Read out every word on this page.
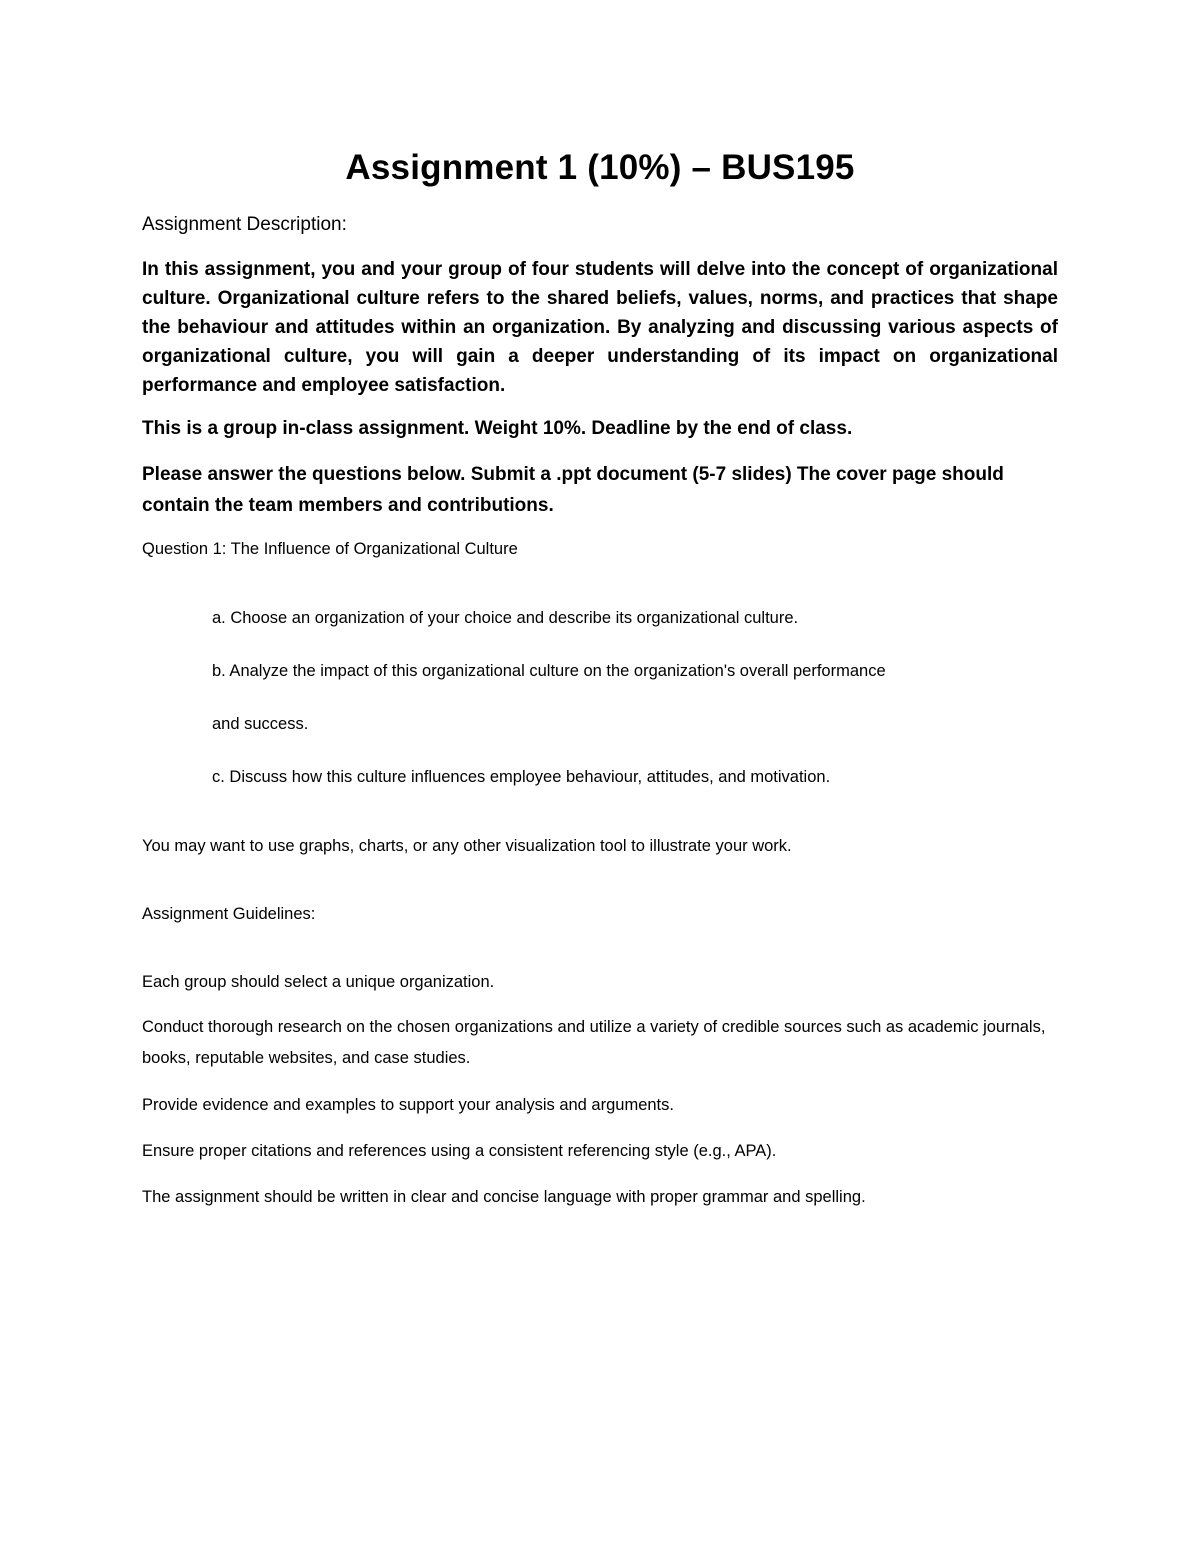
Assignment 1 (10%) – BUS195
Assignment Description:

In this assignment, you and your group of four students will delve into the concept of organizational culture. Organizational culture refers to the shared beliefs, values, norms, and practices that shape the behaviour and attitudes within an organization. By analyzing and discussing various aspects of organizational culture, you will gain a deeper understanding of its impact on organizational performance and employee satisfaction.

This is a group in-class assignment. Weight 10%. Deadline by the end of class.

Please answer the questions below. Submit a .ppt document (5-7 slides) The cover page should contain the team members and contributions.

Question 1: The Influence of Organizational Culture

a. Choose an organization of your choice and describe its organizational culture.

b. Analyze the impact of this organizational culture on the organization's overall performance

and success.

c. Discuss how this culture influences employee behaviour, attitudes, and motivation.

You may want to use graphs, charts, or any other visualization tool to illustrate your work.

Assignment Guidelines:

Each group should select a unique organization.

Conduct thorough research on the chosen organizations and utilize a variety of credible sources such as academic journals, books, reputable websites, and case studies.

Provide evidence and examples to support your analysis and arguments.

Ensure proper citations and references using a consistent referencing style (e.g., APA).

The assignment should be written in clear and concise language with proper grammar and spelling.
